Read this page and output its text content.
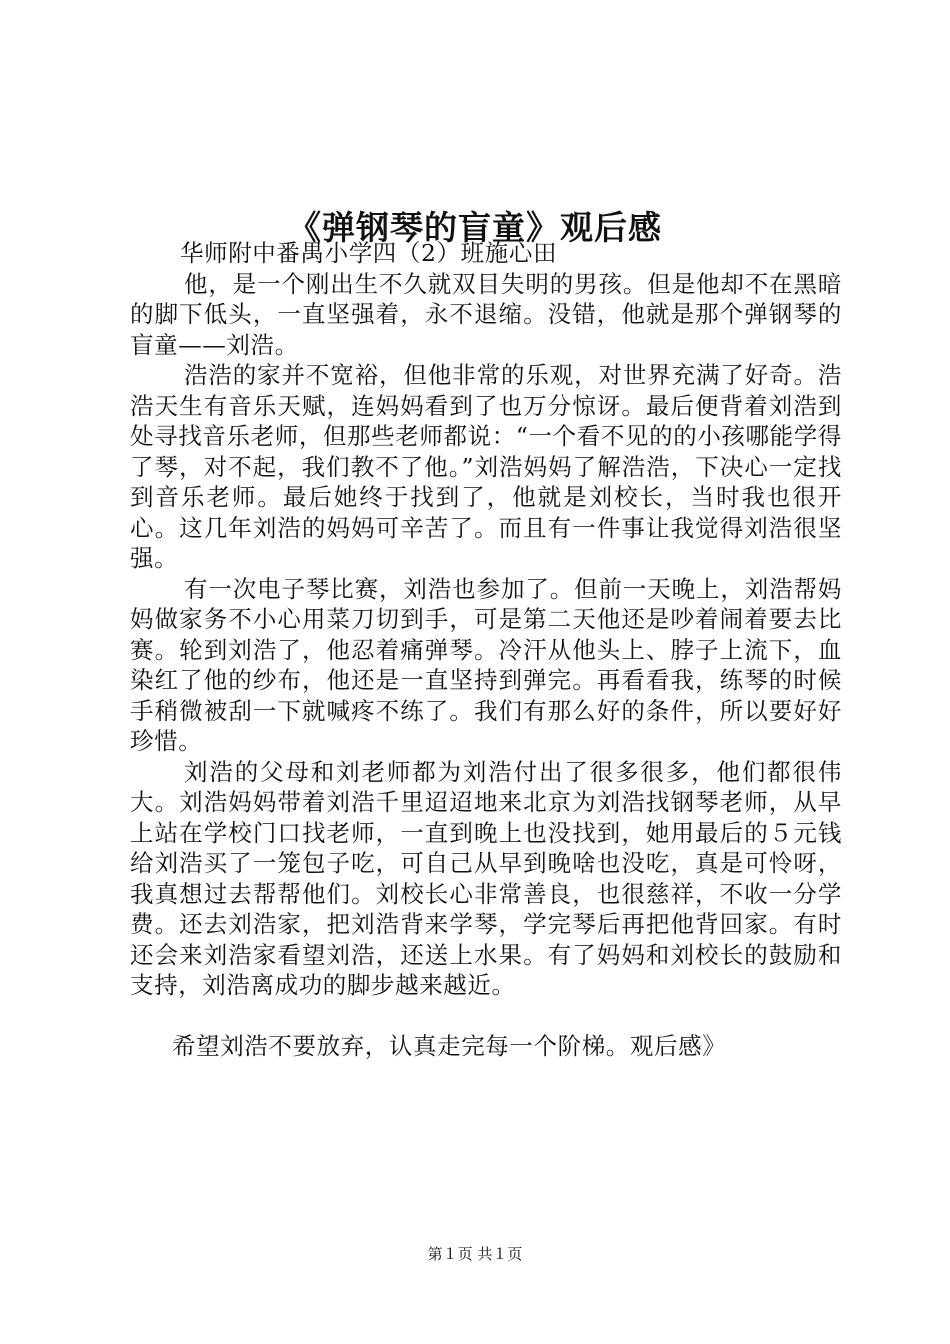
《弹钢琴的盲童》观后感

华师附中番禺小学四（2）班施心田

他，是一个刚出生不久就双目失明的男孩。但是他却不在黑暗的脚下低头，一直坚强着，永不退缩。没错，他就是那个弹钢琴的盲童——刘浩。

浩浩的家并不宽裕，但他非常的乐观，对世界充满了好奇。浩浩天生有音乐天赋，连妈妈看到了也万分惊讶。最后便背着刘浩到处寻找音乐老师，但那些老师都说：“一个看不见的的小孩哪能学得了琴，对不起，我们教不了他。”刘浩妈妈了解浩浩，下决心一定找到音乐老师。最后她终于找到了，他就是刘校长，当时我也很开心。这几年刘浩的妈妈可辛苦了。而且有一件事让我觉得刘浩很坚强。

有一次电子琴比赛，刘浩也参加了。但前一天晚上，刘浩帮妈妈做家务不小心用菜刀切到手，可是第二天他还是吵着闹着要去比赛。轮到刘浩了，他忍着痛弹琴。冷汗从他头上、脖子上流下，血染红了他的纱布，他还是一直坚持到弹完。再看看我，练琴的时候手稍微被刮一下就喊疼不练了。我们有那么好的条件，所以要好好珍惜。

刘浩的父母和刘老师都为刘浩付出了很多很多，他们都很伟大。刘浩妈妈带着刘浩千里迢迢地来北京为刘浩找钢琴老师，从早上站在学校门口找老师，一直到晚上也没找到，她用最后的５元钱给刘浩买了一笼包子吃，可自己从早到晚啥也没吃，真是可怜呀，我真想过去帮帮他们。刘校长心非常善良，也很慈祥，不收一分学费。还去刘浩家，把刘浩背来学琴，学完琴后再把他背回家。有时还会来刘浩家看望刘浩，还送上水果。有了妈妈和刘校长的鼓励和支持，刘浩离成功的脚步越来越近。

希望刘浩不要放弃，认真走完每一个阶梯。观后感》

第１页 共１页
